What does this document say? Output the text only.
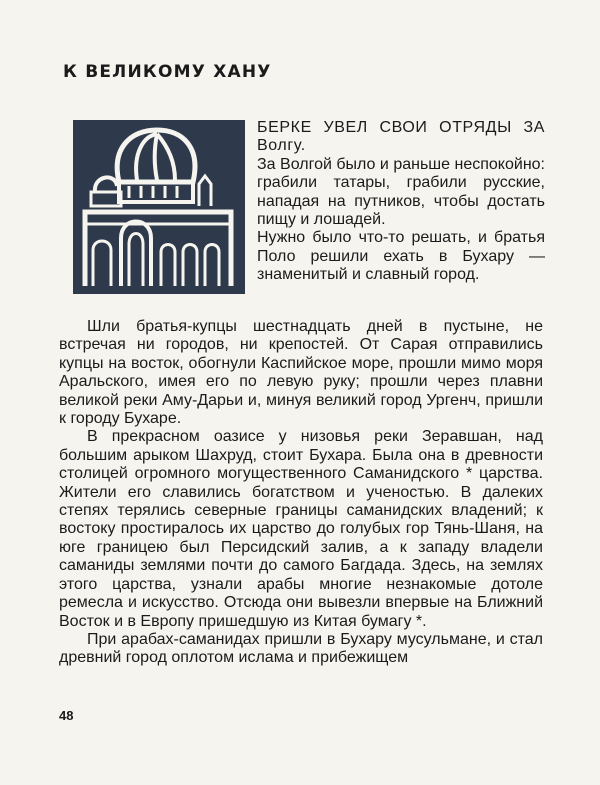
К ВЕЛИКОМУ ХАНУ

БЕРКЕ УВЕЛ СВОИ ОТРЯДЫ ЗА Волгу.

За Волгой было и раньше неспокойно: грабили татары, грабили русские, нападая на путников, чтобы достать пищу и лошадей.

Нужно было что-то решать, и братья Поло решили ехать в Бухару — знаменитый и славный город.

Шли братья-купцы шестнадцать дней в пустыне, не встречая ни городов, ни крепостей. От Сарая отправились купцы на восток, обогнули Каспийское море, прошли мимо моря Аральского, имея его по левую руку; прошли через плавни великой реки Аму-Дарьи и, минуя великий город Ургенч, пришли к городу Бухаре.

В прекрасном оазисе у низовья реки Зеравшан, над большим арыком Шахруд, стоит Бухара. Была она в древности столицей огромного могущественного Саманидского * царства. Жители его славились богатством и ученостью. В далеких степях терялись северные границы саманидских владений; к востоку простиралось их царство до голубых гор Тянь-Шаня, на юге границею был Персидский залив, а к западу владели саманиды землями почти до самого Багдада. Здесь, на землях этого царства, узнали арабы многие незнакомые дотоле ремесла и искусство. Отсюда они вывезли впервые на Ближний Восток и в Европу пришедшую из Китая бумагу *.

При арабах-саманидах пришли в Бухару мусульмане, и стал древний город оплотом ислама и прибежищем

48
